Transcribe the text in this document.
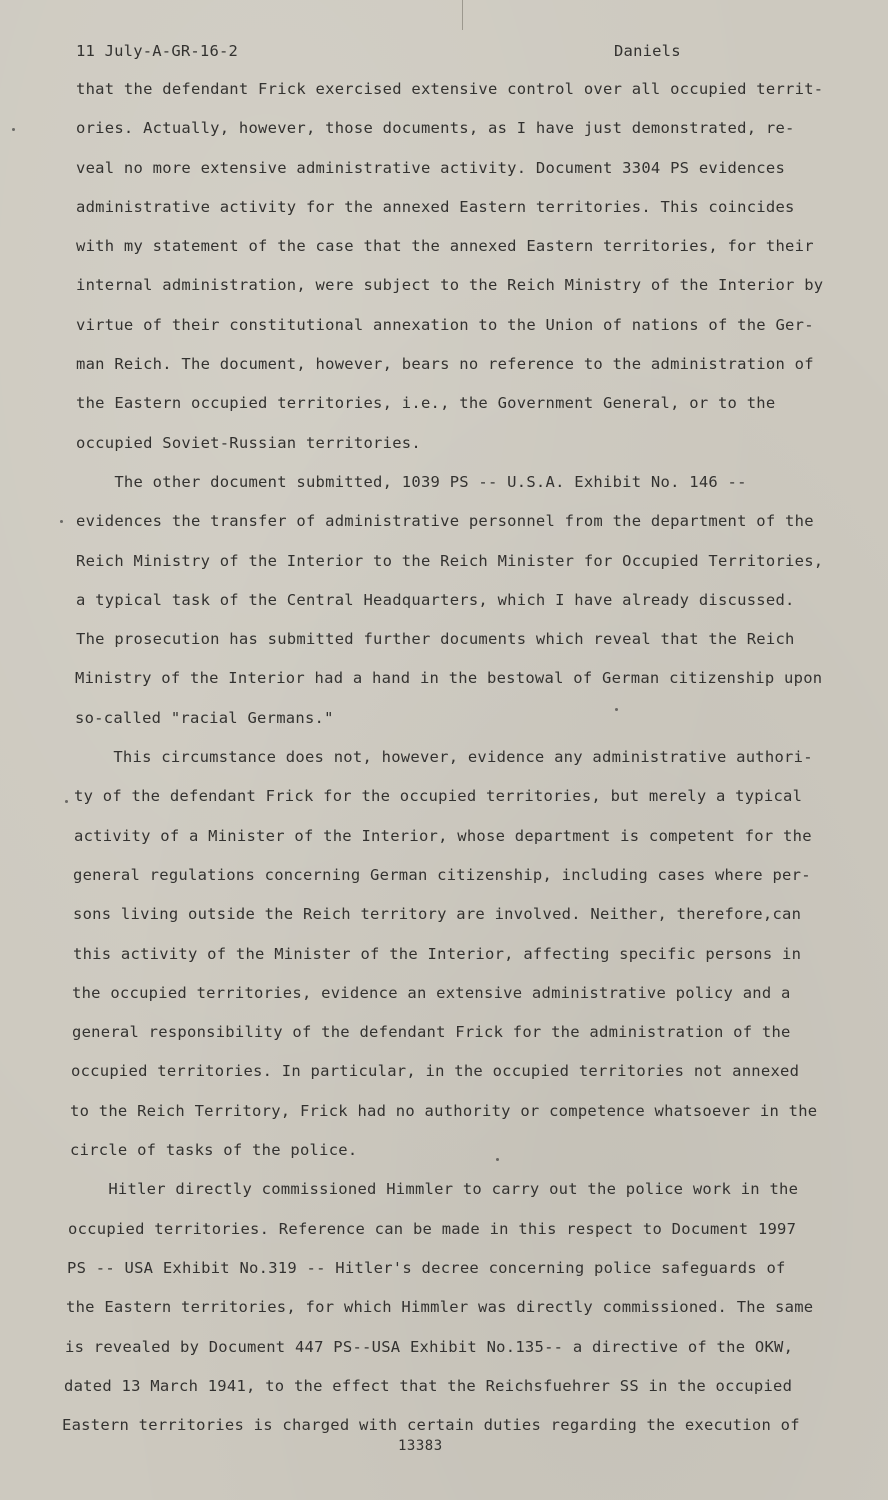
11 July-A-GR-16-2	Daniels
that the defendant Frick exercised extensive control over all occupied territ-
ories. Actually, however, those documents, as I have just demonstrated, re-
veal no more extensive administrative activity. Document 3304 PS evidences
administrative activity for the annexed Eastern territories. This coincides
with my statement of the case that the annexed Eastern territories, for their
internal administration, were subject to the Reich Ministry of the Interior by
virtue of their constitutional annexation to the Union of nations of the Ger-
man Reich. The document, however, bears no reference to the administration of
the Eastern occupied territories, i.e., the Government General, or to the
occupied Soviet-Russian territories.
The other document submitted, 1039 PS -- U.S.A. Exhibit No. 146 --
evidences the transfer of administrative personnel from the department of the
Reich Ministry of the Interior to the Reich Minister for Occupied Territories,
a typical task of the Central Headquarters, which I have already discussed.
The prosecution has submitted further documents which reveal that the Reich
Ministry of the Interior had a hand in the bestowal of German citizenship upon
so-called "racial Germans."
This circumstance does not, however, evidence any administrative authori-
ty of the defendant Frick for the occupied territories, but merely a typical
activity of a Minister of the Interior, whose department is competent for the
general regulations concerning German citizenship, including cases where per-
sons living outside the Reich territory are involved. Neither, therefore,can
this activity of the Minister of the Interior, affecting specific persons in
the occupied territories, evidence an extensive administrative policy and a
general responsibility of the defendant Frick for the administration of the
occupied territories. In particular, in the occupied territories not annexed
to the Reich Territory, Frick had no authority or competence whatsoever in the
circle of tasks of the police.
Hitler directly commissioned Himmler to carry out the police work in the
occupied territories. Reference can be made in this respect to Document 1997
PS -- USA Exhibit No.319 -- Hitler's decree concerning police safeguards of
the Eastern territories, for which Himmler was directly commissioned. The same
is revealed by Document 447 PS--USA Exhibit No.135-- a directive of the OKW,
dated 13 March 1941, to the effect that the Reichsfuehrer SS in the occupied
Eastern territories is charged with certain duties regarding the execution of
13383
